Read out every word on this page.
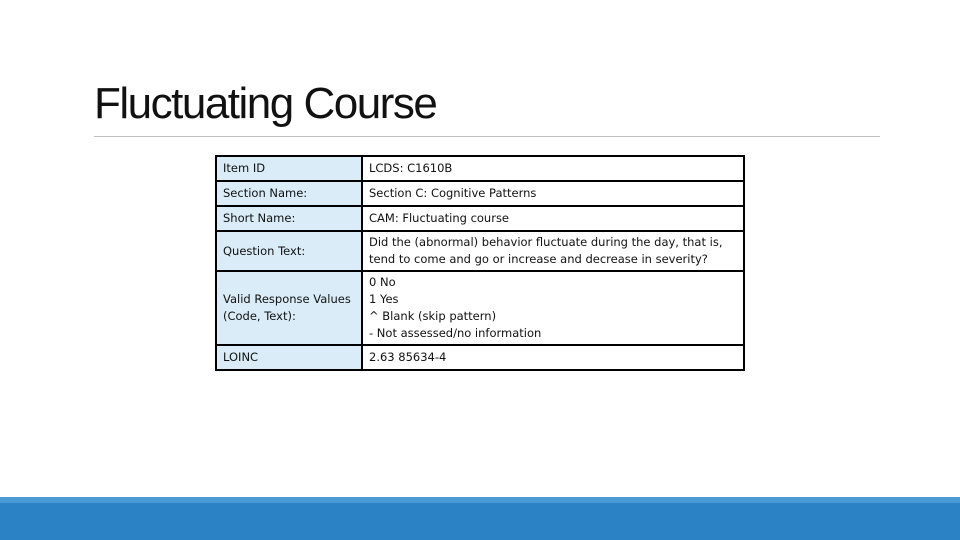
Fluctuating Course
Item ID	LCDS: C1610B
Section Name:	Section C: Cognitive Patterns
Short Name:	CAM: Fluctuating course
Question Text:	Did the (abnormal) behavior fluctuate during the day, that is,
tend to come and go or increase and decrease in severity?

Valid Response Values
(Code, Text):	0 No
1 Yes
^ Blank (skip pattern)
- Not assessed/no information

LOINC	2.63 85634-4
